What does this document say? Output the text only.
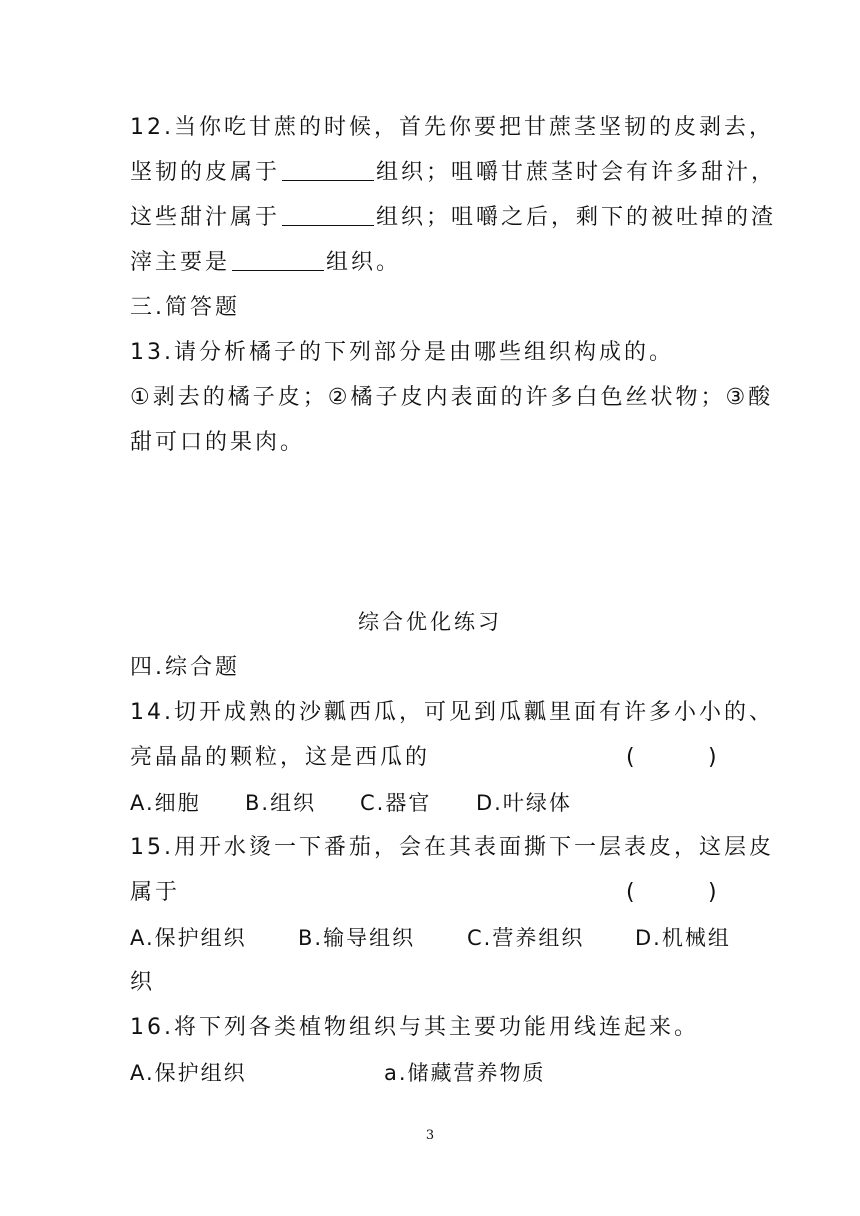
12.当你吃甘蔗的时候，首先你要把甘蔗茎坚韧的皮剥去，
坚韧的皮属于	组织；咀嚼甘蔗茎时会有许多甜汁，
这些甜汁属于	组织；咀嚼之后，剩下的被吐掉的渣
滓主要是	组织。
三.简答题
13.请分析橘子的下列部分是由哪些组织构成的。
①剥去的橘子皮；②橘子皮内表面的许多白色丝状物；③酸
甜可口的果肉。
综合优化练习
四.综合题
14.切开成熟的沙瓤西瓜，可见到瓜瓤里面有许多小小的、
亮晶晶的颗粒，这是西瓜的	(	)
A.细胞 B.组织 C.器官 D.叶绿体
15.用开水烫一下番茄，会在其表面撕下一层表皮，这层皮
属于	(	)
A.保护组织 B.输导组织 C.营养组织 D.机械组
织
16.将下列各类植物组织与其主要功能用线连起来。
A.保护组织	a.储藏营养物质
3
